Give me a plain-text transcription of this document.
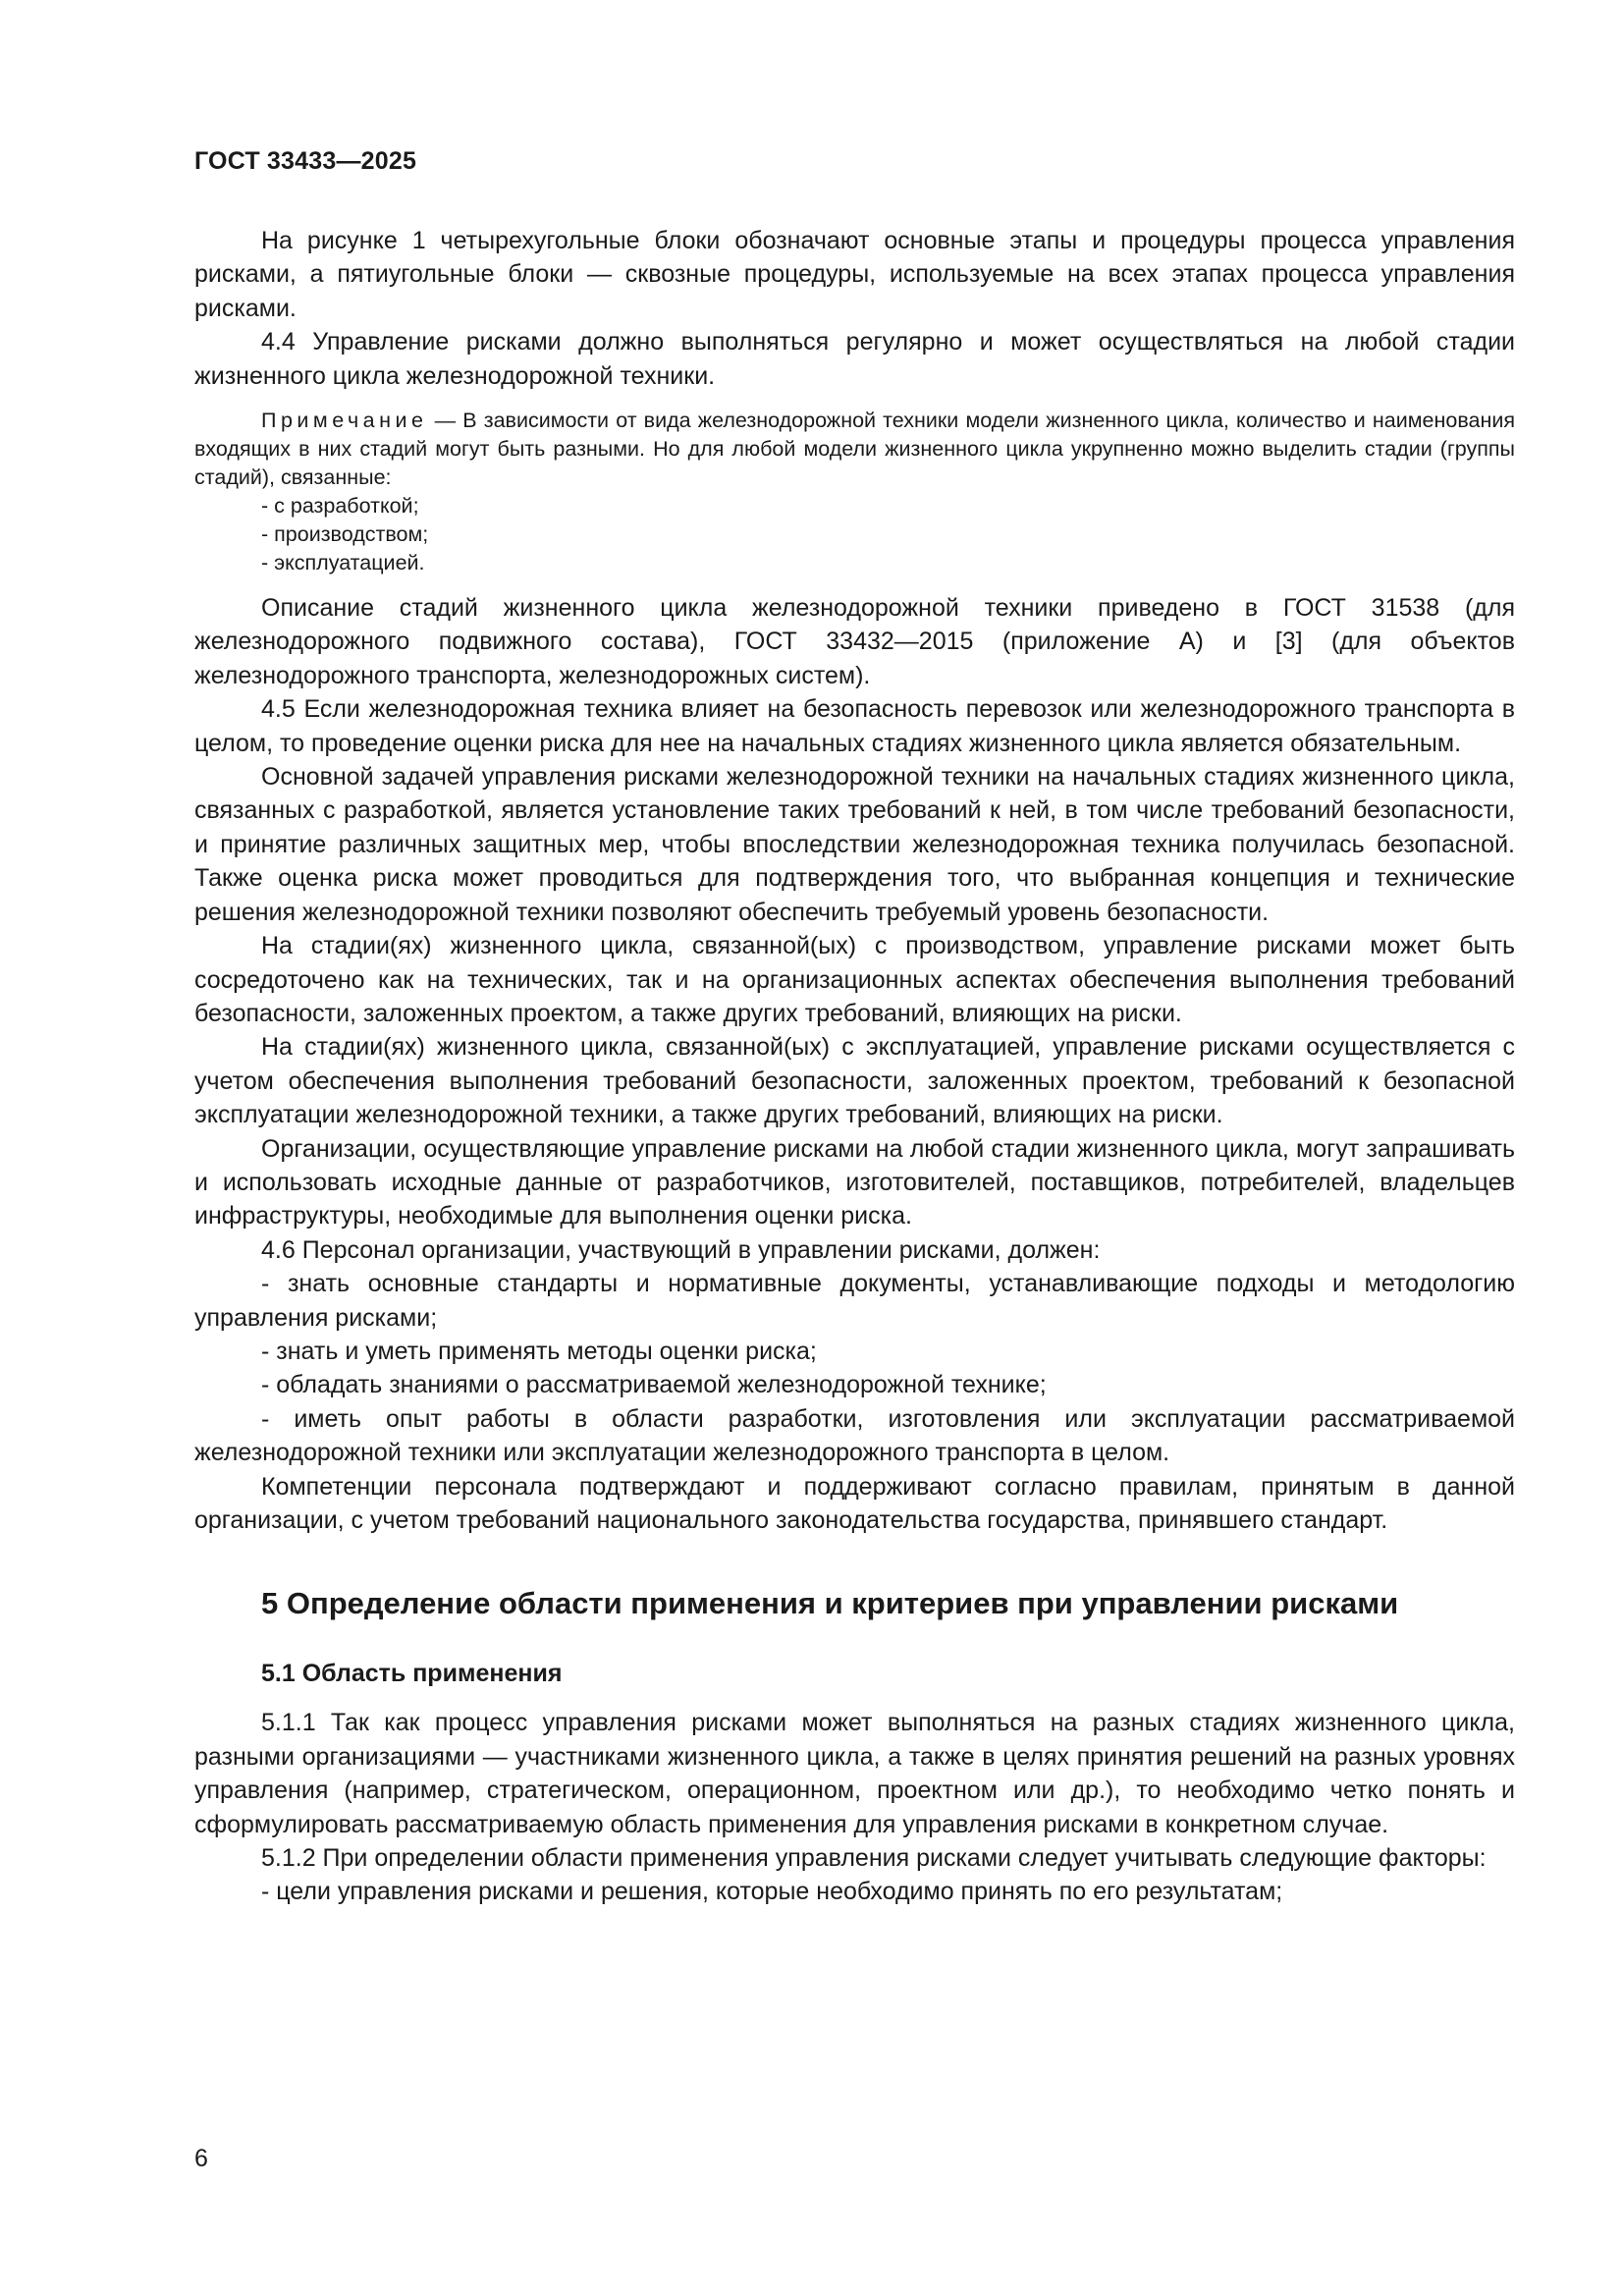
ГОСТ 33433—2025

На рисунке 1 четырехугольные блоки обозначают основные этапы и процедуры процесса управления рисками, а пятиугольные блоки — сквозные процедуры, используемые на всех этапах процесса управления рисками.

4.4 Управление рисками должно выполняться регулярно и может осуществляться на любой стадии жизненного цикла железнодорожной техники.

Примечание — В зависимости от вида железнодорожной техники модели жизненного цикла, количество и наименования входящих в них стадий могут быть разными. Но для любой модели жизненного цикла укрупненно можно выделить стадии (группы стадий), связанные:
- с разработкой;
- производством;
- эксплуатацией.

Описание стадий жизненного цикла железнодорожной техники приведено в ГОСТ 31538 (для железнодорожного подвижного состава), ГОСТ 33432—2015 (приложение А) и [3] (для объектов железнодорожного транспорта, железнодорожных систем).

4.5 Если железнодорожная техника влияет на безопасность перевозок или железнодорожного транспорта в целом, то проведение оценки риска для нее на начальных стадиях жизненного цикла является обязательным.

Основной задачей управления рисками железнодорожной техники на начальных стадиях жизненного цикла, связанных с разработкой, является установление таких требований к ней, в том числе требований безопасности, и принятие различных защитных мер, чтобы впоследствии железнодорожная техника получилась безопасной. Также оценка риска может проводиться для подтверждения того, что выбранная концепция и технические решения железнодорожной техники позволяют обеспечить требуемый уровень безопасности.

На стадии(ях) жизненного цикла, связанной(ых) с производством, управление рисками может быть сосредоточено как на технических, так и на организационных аспектах обеспечения выполнения требований безопасности, заложенных проектом, а также других требований, влияющих на риски.

На стадии(ях) жизненного цикла, связанной(ых) с эксплуатацией, управление рисками осуществляется с учетом обеспечения выполнения требований безопасности, заложенных проектом, требований к безопасной эксплуатации железнодорожной техники, а также других требований, влияющих на риски.

Организации, осуществляющие управление рисками на любой стадии жизненного цикла, могут запрашивать и использовать исходные данные от разработчиков, изготовителей, поставщиков, потребителей, владельцев инфраструктуры, необходимые для выполнения оценки риска.

4.6 Персонал организации, участвующий в управлении рисками, должен:

- знать основные стандарты и нормативные документы, устанавливающие подходы и методологию управления рисками;

- знать и уметь применять методы оценки риска;

- обладать знаниями о рассматриваемой железнодорожной технике;

- иметь опыт работы в области разработки, изготовления или эксплуатации рассматриваемой железнодорожной техники или эксплуатации железнодорожного транспорта в целом.

Компетенции персонала подтверждают и поддерживают согласно правилам, принятым в данной организации, с учетом требований национального законодательства государства, принявшего стандарт.

5 Определение области применения и критериев при управлении рисками
5.1 Область применения

5.1.1 Так как процесс управления рисками может выполняться на разных стадиях жизненного цикла, разными организациями — участниками жизненного цикла, а также в целях принятия решений на разных уровнях управления (например, стратегическом, операционном, проектном или др.), то необходимо четко понять и сформулировать рассматриваемую область применения для управления рисками в конкретном случае.

5.1.2 При определении области применения управления рисками следует учитывать следующие факторы:

- цели управления рисками и решения, которые необходимо принять по его результатам;

6
